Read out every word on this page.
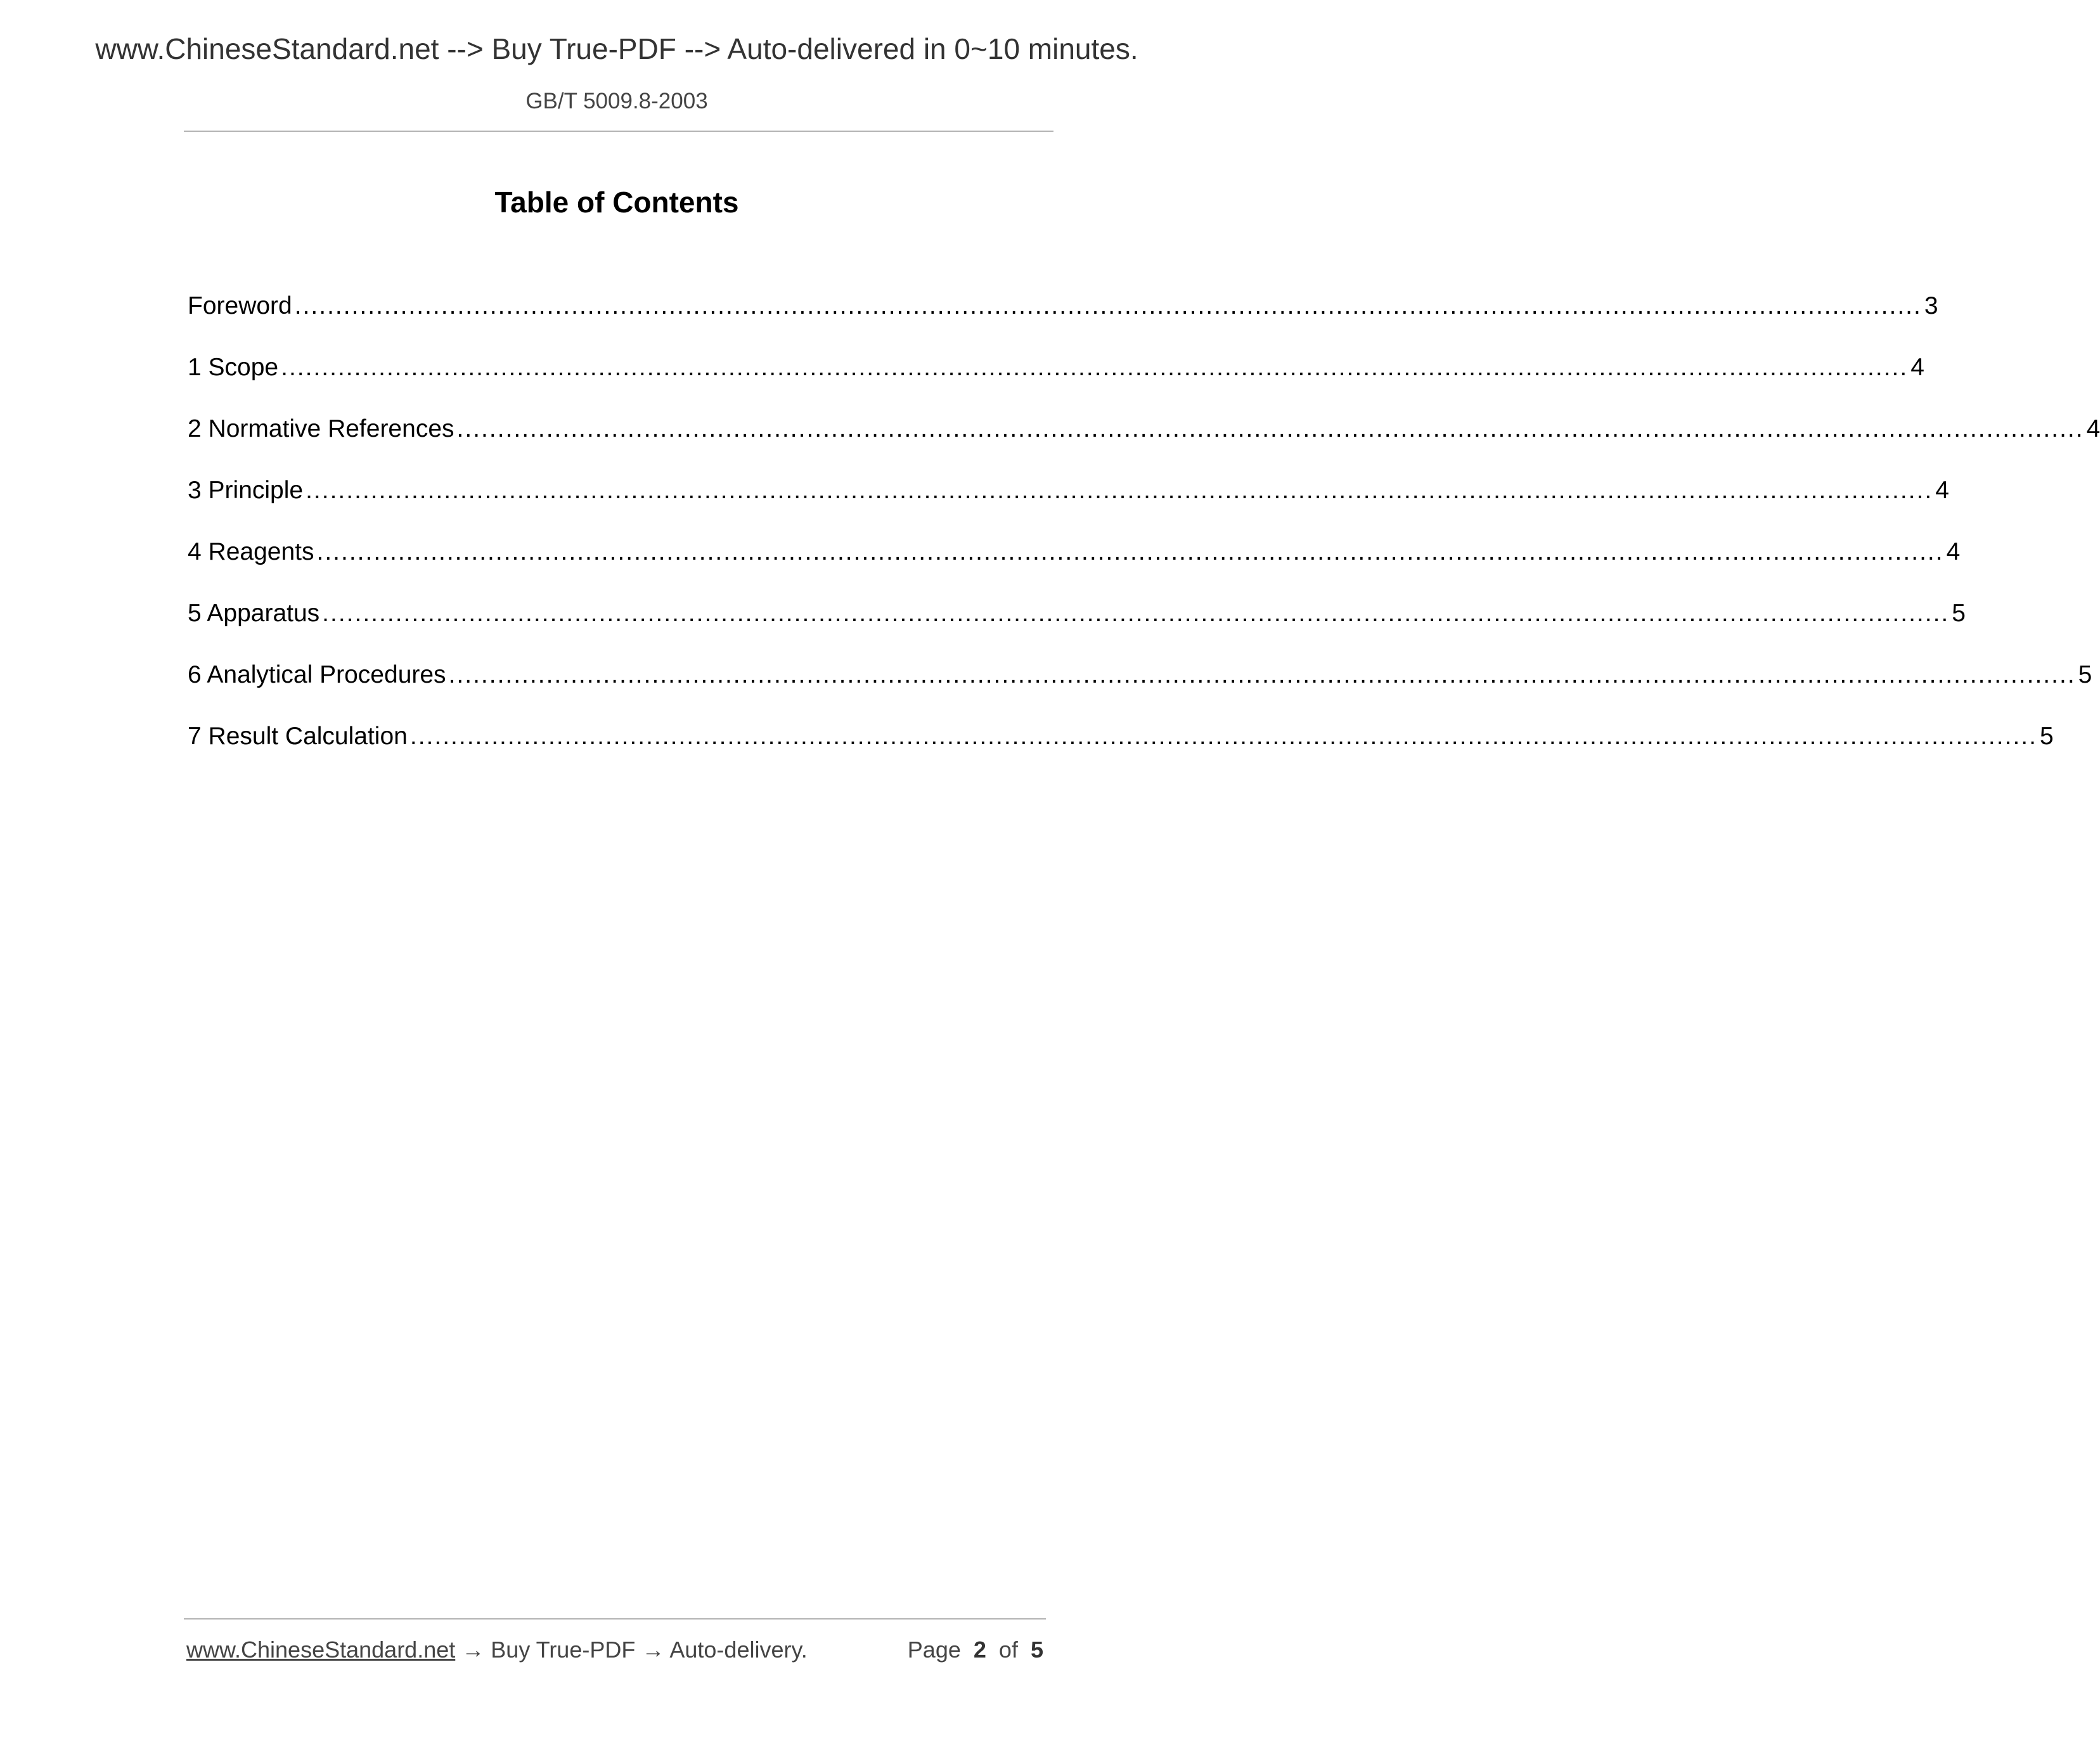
www.ChineseStandard.net --> Buy True-PDF --> Auto-delivered in 0~10 minutes.
GB/T 5009.8-2003
Table of Contents
Foreword ........................................................................................................................................................................................................ 3
1 Scope ........................................................................................................................................................................................................ 4
2 Normative References ........................................................................................................................................................................................................ 4
3 Principle ........................................................................................................................................................................................................ 4
4 Reagents ........................................................................................................................................................................................................ 4
5 Apparatus ........................................................................................................................................................................................................ 5
6 Analytical Procedures ........................................................................................................................................................................................................ 5
7 Result Calculation ........................................................................................................................................................................................................ 5
www.ChineseStandard.net → Buy True-PDF → Auto-delivery.	Page 2 of 5
